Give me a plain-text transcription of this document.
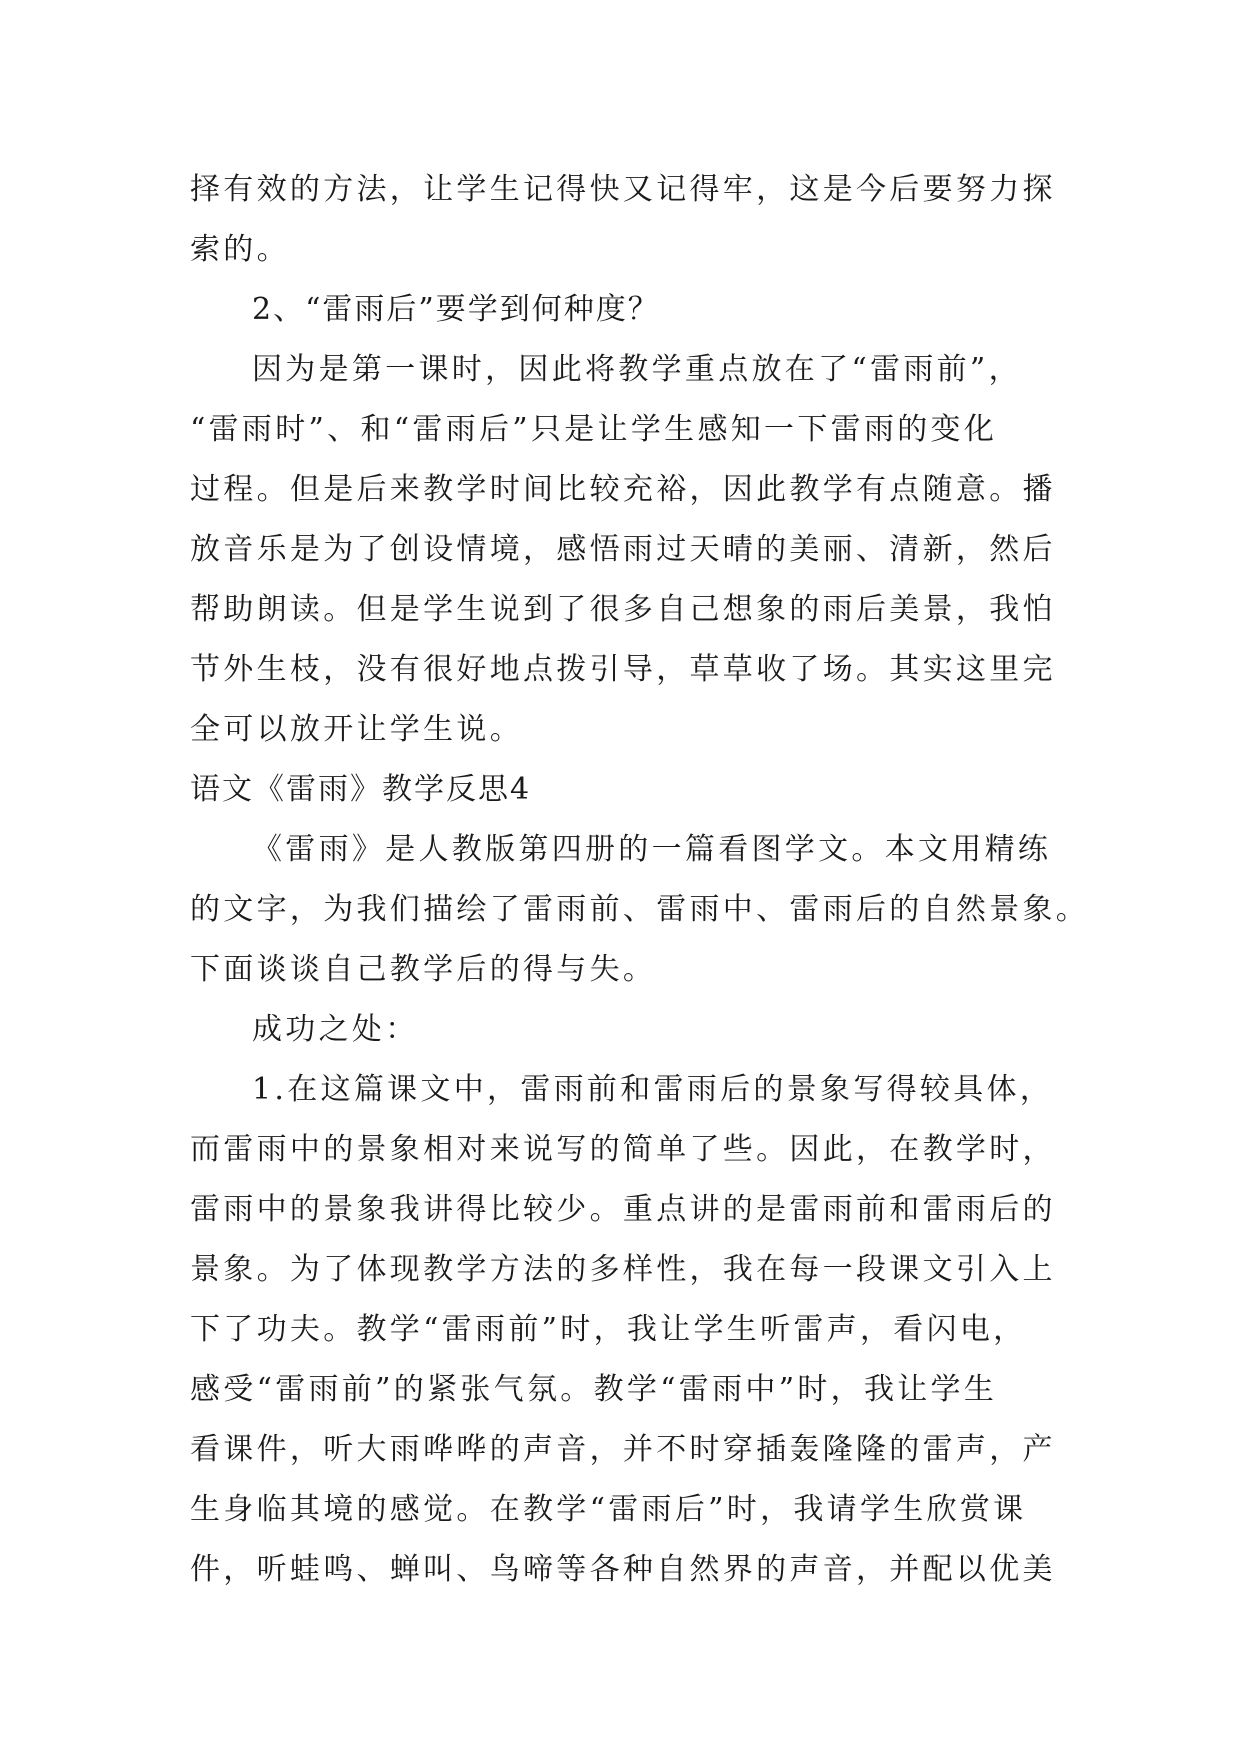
择有效的方法，让学生记得快又记得牢，这是今后要努力探
索的。
2、“雷雨后”要学到何种度？
因为是第一课时，因此将教学重点放在了“雷雨前”，
“雷雨时”、和“雷雨后”只是让学生感知一下雷雨的变化
过程。但是后来教学时间比较充裕，因此教学有点随意。播
放音乐是为了创设情境，感悟雨过天晴的美丽、清新，然后
帮助朗读。但是学生说到了很多自己想象的雨后美景，我怕
节外生枝，没有很好地点拨引导，草草收了场。其实这里完
全可以放开让学生说。
语文《雷雨》教学反思4
《雷雨》是人教版第四册的一篇看图学文。本文用精练
的文字，为我们描绘了雷雨前、雷雨中、雷雨后的自然景象。
下面谈谈自己教学后的得与失。
成功之处：
1.在这篇课文中，雷雨前和雷雨后的景象写得较具体，
而雷雨中的景象相对来说写的简单了些。因此，在教学时，
雷雨中的景象我讲得比较少。重点讲的是雷雨前和雷雨后的
景象。为了体现教学方法的多样性，我在每一段课文引入上
下了功夫。教学“雷雨前”时，我让学生听雷声，看闪电，
感受“雷雨前”的紧张气氛。教学“雷雨中”时，我让学生
看课件，听大雨哗哗的声音，并不时穿插轰隆隆的雷声，产
生身临其境的感觉。在教学“雷雨后”时，我请学生欣赏课
件，听蛙鸣、蝉叫、鸟啼等各种自然界的声音，并配以优美
